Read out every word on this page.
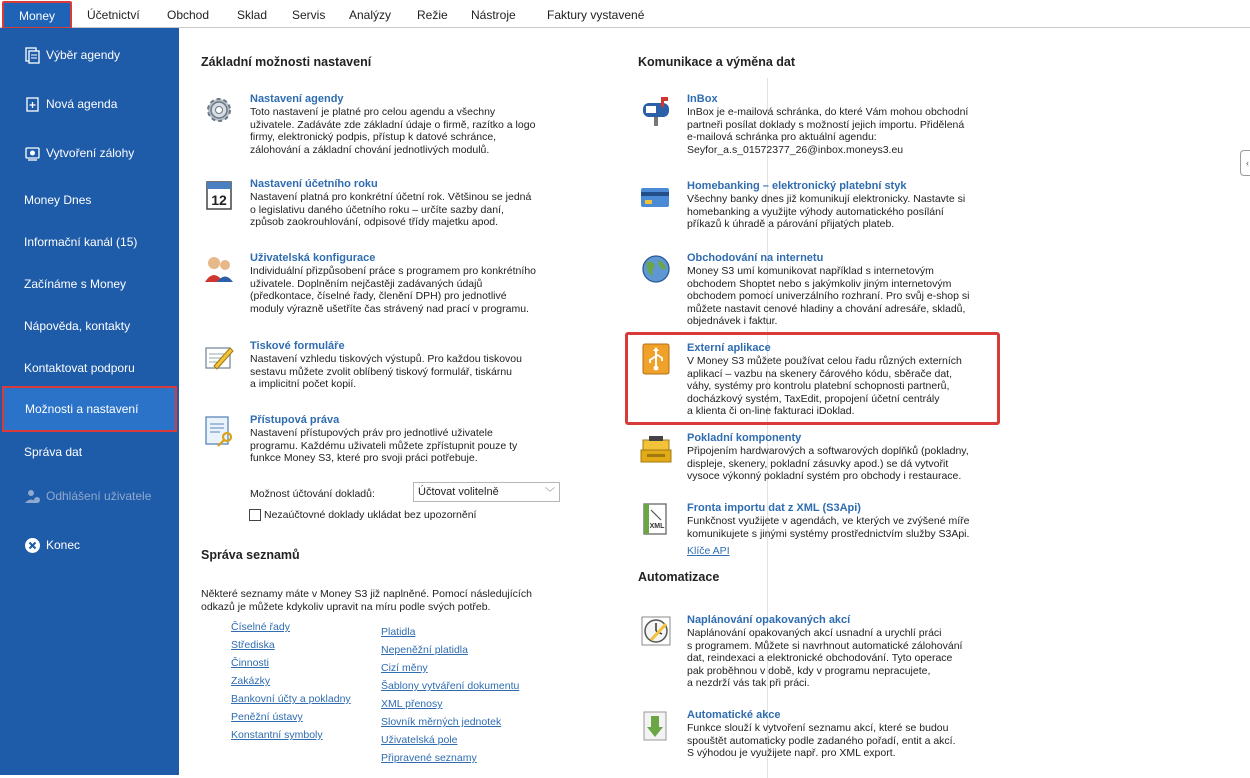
Money	Účetnictví Obchod Sklad Servis Analýzy Režie Nástroje	Faktury vystavené
Výběr agendy
Nová agenda
Vytvoření zálohy
Money Dnes
Informační kanál (15)
Začínáme s Money
Nápověda, kontakty
Kontaktovat podporu
Možnosti a nastavení
Správa dat
Odhlášení uživatele
Konec
Základní možnosti nastavení
Nastavení agendy
Toto nastavení je platné pro celou agendu a všechny
uživatele. Zadáváte zde základní údaje o firmě, razítko a logo
firmy, elektronický podpis, přístup k datové schránce,
zálohování a základní chování jednotlivých modulů.
12
Nastavení účetního roku
Nastavení platná pro konkrétní účetní rok. Většinou se jedná
o legislativu daného účetního roku – určíte sazby daní,
způsob zaokrouhlování, odpisové třídy majetku apod.
Uživatelská konfigurace
Individuální přizpůsobení práce s programem pro konkrétního
uživatele. Doplněním nejčastěji zadávaných údajů
(předkontace, číselné řady, členění DPH) pro jednotlivé
moduly výrazně ušetříte čas strávený nad prací v programu.
Tiskové formuláře
Nastavení vzhledu tiskových výstupů. Pro každou tiskovou
sestavu můžete zvolit oblíbený tiskový formulář, tiskárnu
a implicitní počet kopií.
Přístupová práva
Nastavení přístupových práv pro jednotlivé uživatele
programu. Každému uživateli můžete zpřístupnit pouze ty
funkce Money S3, které pro svoji práci potřebuje.
Možnost účtování dokladů:	Účtovat volitelně	﹀
Nezaúčtovné doklady ukládat bez upozornění
Správa seznamů
Některé seznamy máte v Money S3 již naplněné. Pomocí následujících
odkazů je můžete kdykoliv upravit na míru podle svých potřeb.
Číselné řady
Střediska
Činnosti
Zakázky
Bankovní účty a pokladny
Peněžní ústavy
Konstantní symboly
Platidla
Nepeněžní platidla
Cizí měny
Šablony vytváření dokumentu
XML přenosy
Slovník měrných jednotek
Uživatelská pole
Připravené seznamy
Komunikace a výměna dat
InBox
InBox je e-mailová schránka, do které Vám mohou obchodní
partneři posílat doklady s možností jejich importu. Přidělená
e-mailová schránka pro aktuální agendu:
Seyfor_a.s_01572377_26@inbox.moneys3.eu
Homebanking – elektronický platební styk
Všechny banky dnes již komunikují elektronicky. Nastavte si
homebanking a využijte výhody automatického posílání
příkazů k úhradě a párování přijatých plateb.
Obchodování na internetu
Money S3 umí komunikovat například s internetovým
obchodem Shoptet nebo s jakýmkoliv jiným internetovým
obchodem pomocí univerzálního rozhraní. Pro svůj e-shop si
můžete nastavit cenové hladiny a chování adresáře, skladů,
objednávek i faktur.
Externí aplikace
V Money S3 můžete používat celou řadu různých externích
aplikací – vazbu na skenery čárového kódu, sběrače dat,
váhy, systémy pro kontrolu platební schopnosti partnerů,
docházkový systém, TaxEdit, propojení účetní centrály
a klienta či on-line fakturaci iDoklad.
Pokladní komponenty
Připojením hardwarových a softwarových doplňků (pokladny,
displeje, skenery, pokladní zásuvky apod.) se dá vytvořit
vysoce výkonný pokladní systém pro obchody i restaurace.
XML
Fronta importu dat z XML (S3Api)
Funkčnost využijete v agendách, ve kterých ve zvýšené míře
komunikujete s jinými systémy prostřednictvím služby S3Api.
Klíče API
Automatizace
Naplánování opakovaných akcí
Naplánování opakovaných akcí usnadní a urychlí práci
s programem. Můžete si navrhnout automatické zálohování
dat, reindexaci a elektronické obchodování. Tyto operace
pak proběhnou v době, kdy v programu nepracujete,
a nezdrží vás tak při práci.
Automatické akce
Funkce slouží k vytvoření seznamu akcí, které se budou
spouštět automaticky podle zadaného pořadí, entit a akcí.
S výhodou je využijete např. pro XML export.
‹
